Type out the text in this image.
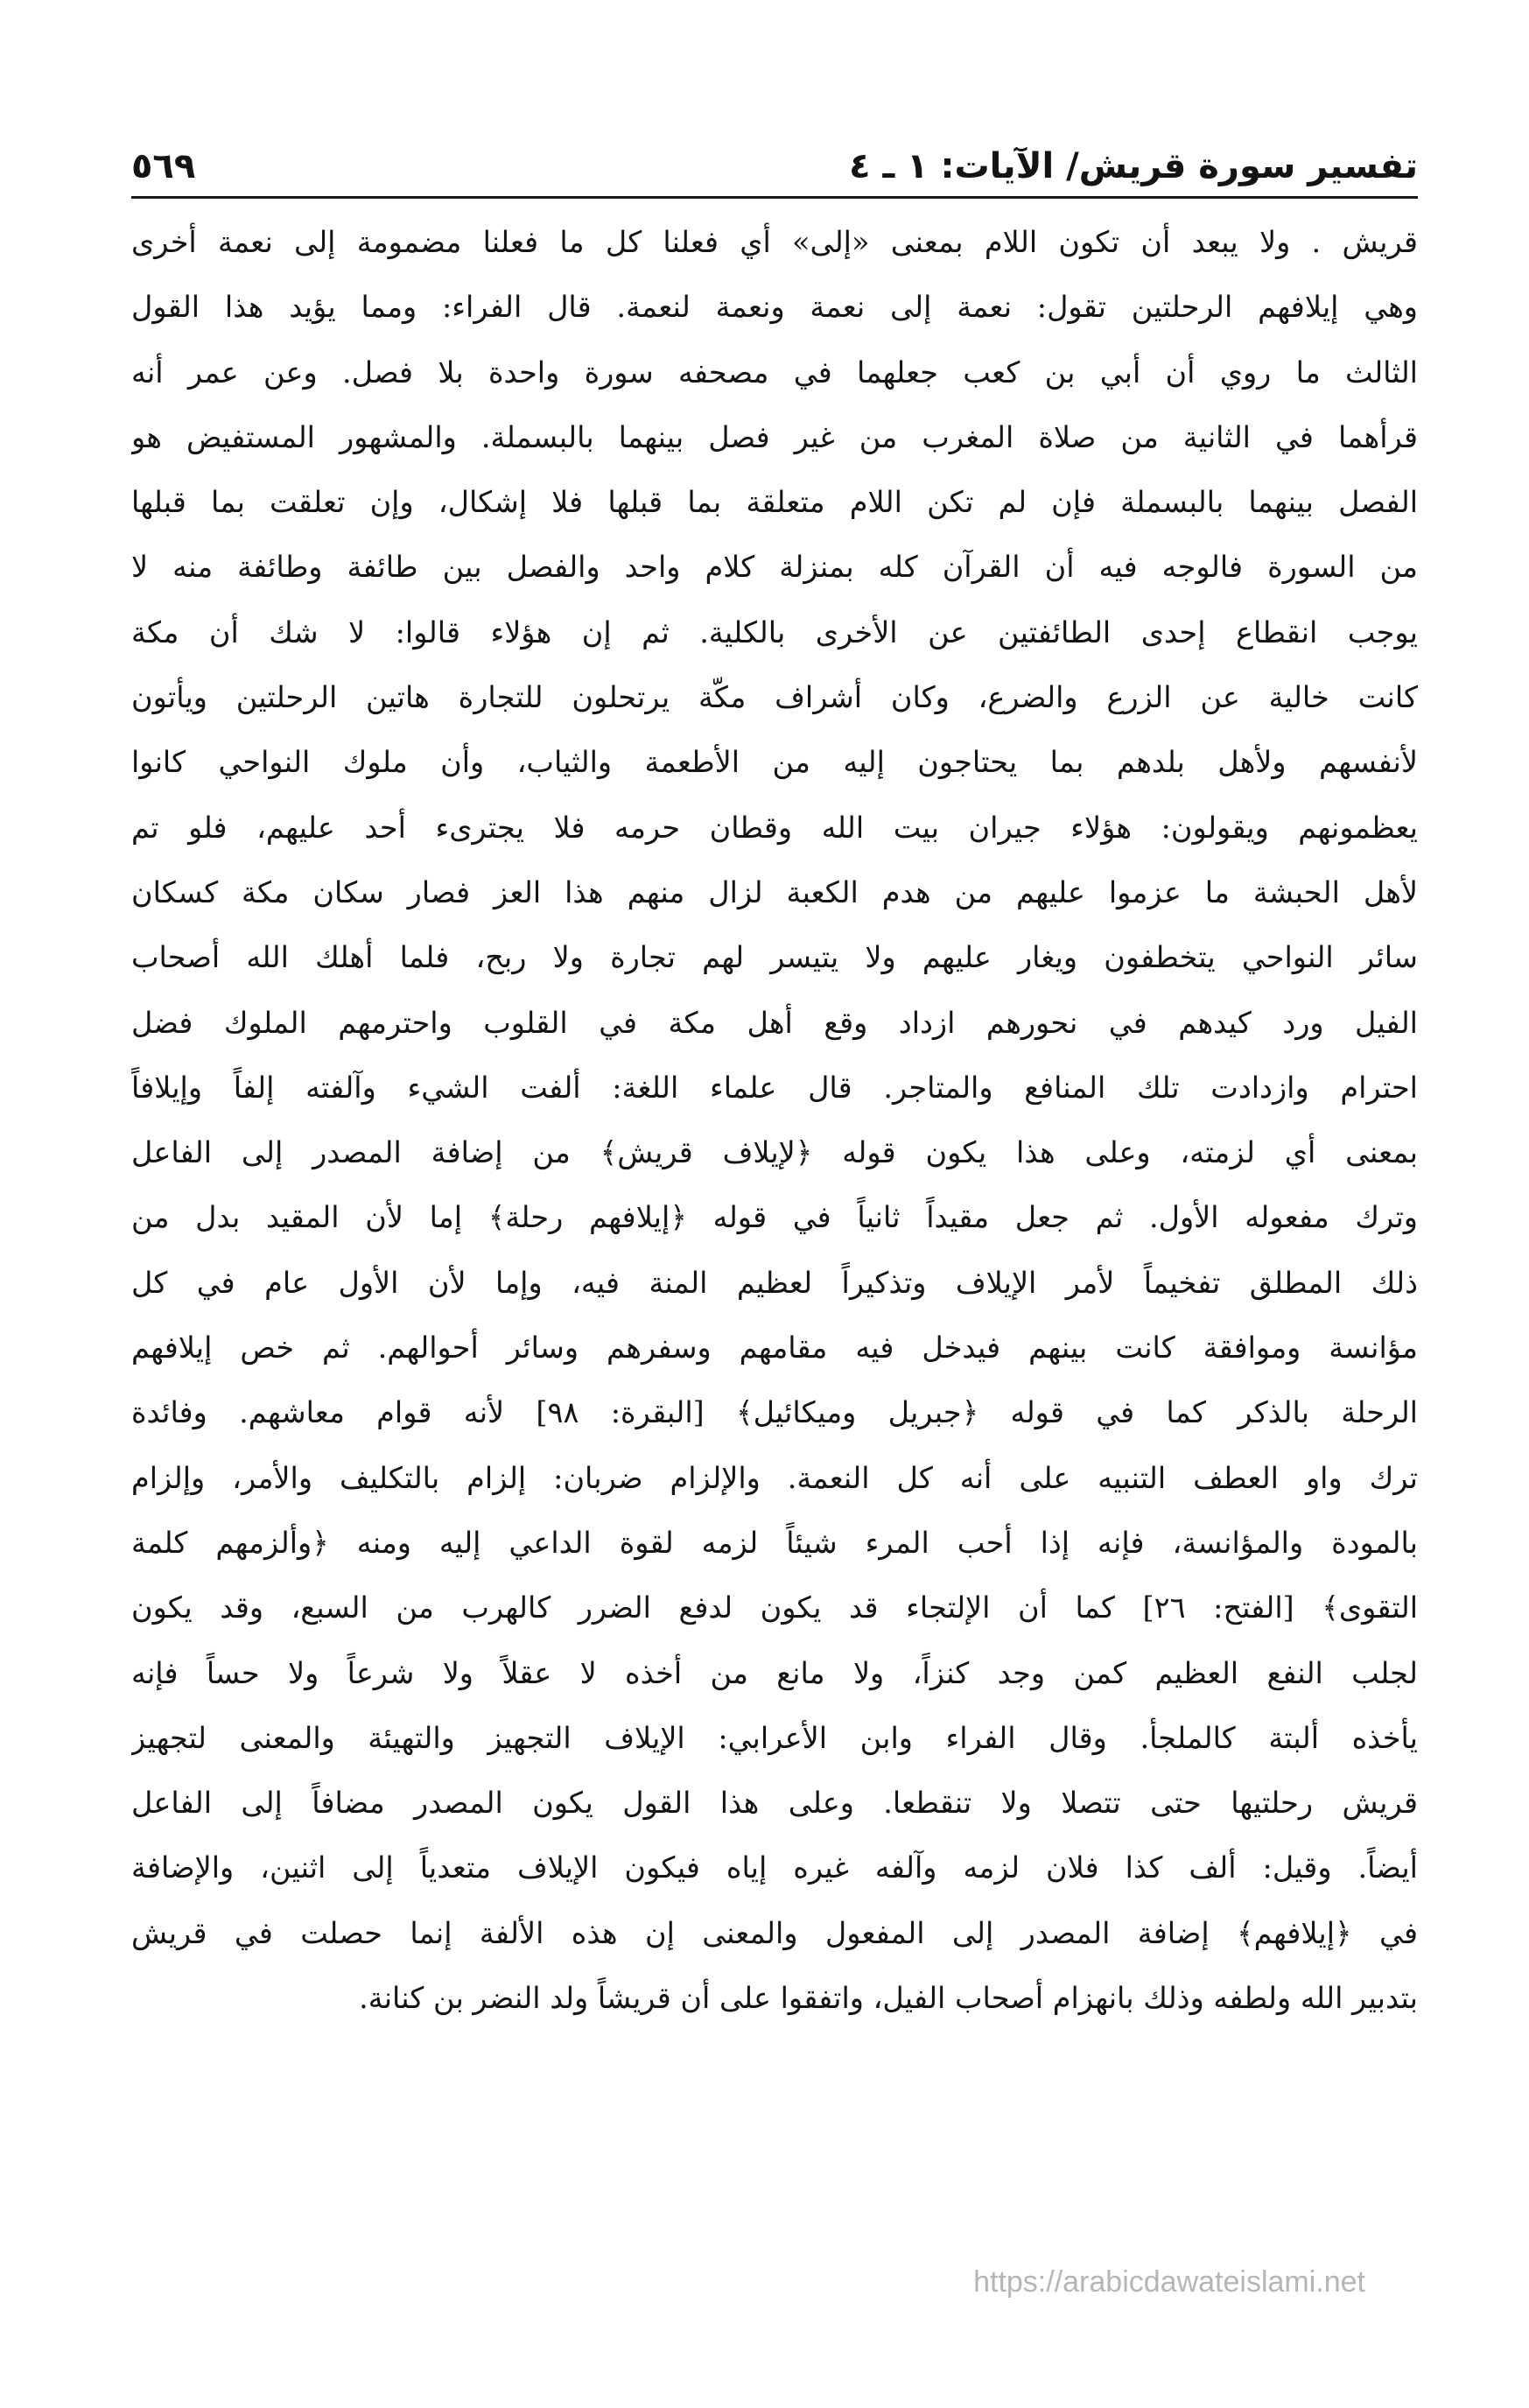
تفسير سورة قريش/ الآيات: ١ ـ ٤
٥٦٩
قريش . ولا يبعد أن تكون اللام بمعنى «إلى» أي فعلنا كل ما فعلنا مضمومة إلى نعمة أخرى
وهي إيلافهم الرحلتين تقول: نعمة إلى نعمة ونعمة لنعمة. قال الفراء: ومما يؤيد هذا القول
الثالث ما روي أن أبي بن كعب جعلهما في مصحفه سورة واحدة بلا فصل. وعن عمر أنه
قرأهما في الثانية من صلاة المغرب من غير فصل بينهما بالبسملة. والمشهور المستفيض هو
الفصل بينهما بالبسملة فإن لم تكن اللام متعلقة بما قبلها فلا إشكال، وإن تعلقت بما قبلها
من السورة فالوجه فيه أن القرآن كله بمنزلة كلام واحد والفصل بين طائفة وطائفة منه لا
يوجب انقطاع إحدى الطائفتين عن الأخرى بالكلية. ثم إن هؤلاء قالوا: لا شك أن مكة
كانت خالية عن الزرع والضرع، وكان أشراف مكّة يرتحلون للتجارة هاتين الرحلتين ويأتون
لأنفسهم ولأهل بلدهم بما يحتاجون إليه من الأطعمة والثياب، وأن ملوك النواحي كانوا
يعظمونهم ويقولون: هؤلاء جيران بيت الله وقطان حرمه فلا يجترىء أحد عليهم، فلو تم
لأهل الحبشة ما عزموا عليهم من هدم الكعبة لزال منهم هذا العز فصار سكان مكة كسكان
سائر النواحي يتخطفون ويغار عليهم ولا يتيسر لهم تجارة ولا ربح، فلما أهلك الله أصحاب
الفيل ورد كيدهم في نحورهم ازداد وقع أهل مكة في القلوب واحترمهم الملوك فضل
احترام وازدادت تلك المنافع والمتاجر. قال علماء اللغة: ألفت الشيء وآلفته إلفاً وإيلافاً
بمعنى أي لزمته، وعلى هذا يكون قوله ﴿لإيلاف قريش﴾ من إضافة المصدر إلى الفاعل
وترك مفعوله الأول. ثم جعل مقيداً ثانياً في قوله ﴿إيلافهم رحلة﴾ إما لأن المقيد بدل من
ذلك المطلق تفخيماً لأمر الإيلاف وتذكيراً لعظيم المنة فيه، وإما لأن الأول عام في كل
مؤانسة وموافقة كانت بينهم فيدخل فيه مقامهم وسفرهم وسائر أحوالهم. ثم خص إيلافهم
الرحلة بالذكر كما في قوله ﴿جبريل وميكائيل﴾ [البقرة: ٩٨] لأنه قوام معاشهم. وفائدة
ترك واو العطف التنبيه على أنه كل النعمة. والإلزام ضربان: إلزام بالتكليف والأمر، وإلزام
بالمودة والمؤانسة، فإنه إذا أحب المرء شيئاً لزمه لقوة الداعي إليه ومنه ﴿وألزمهم كلمة
التقوى﴾ [الفتح: ٢٦] كما أن الإلتجاء قد يكون لدفع الضرر كالهرب من السبع، وقد يكون
لجلب النفع العظيم كمن وجد كنزاً، ولا مانع من أخذه لا عقلاً ولا شرعاً ولا حساً فإنه
يأخذه ألبتة كالملجأ. وقال الفراء وابن الأعرابي: الإيلاف التجهيز والتهيئة والمعنى لتجهيز
قريش رحلتيها حتى تتصلا ولا تنقطعا. وعلى هذا القول يكون المصدر مضافاً إلى الفاعل
أيضاً. وقيل: ألف كذا فلان لزمه وآلفه غيره إياه فيكون الإيلاف متعدياً إلى اثنين، والإضافة
في ﴿إيلافهم﴾ إضافة المصدر إلى المفعول والمعنى إن هذه الألفة إنما حصلت في قريش
بتدبير الله ولطفه وذلك بانهزام أصحاب الفيل، واتفقوا على أن قريشاً ولد النضر بن كنانة.
https://arabicdawateislami.net
